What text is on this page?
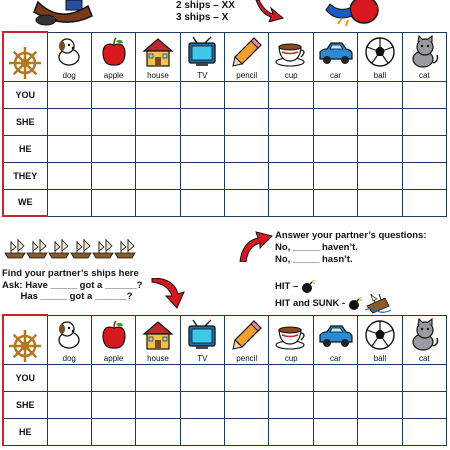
2 ships – XX
3 ships – X

dog	apple	house	TV	pencil	cup	car	ball	cat

YOU									
SHE									
HE									
THEY									
WE									
Find your partner’s ships here
Ask: Have _____ got a ______?
Has _____ got a ______?
Answer your partner’s questions:
No, _____ haven’t.
No, _____ hasn’t.
HIT –
HIT and SUNK -

dog	apple	house	TV	pencil	cup	car	ball	cat

YOU									
SHE									
HE									
